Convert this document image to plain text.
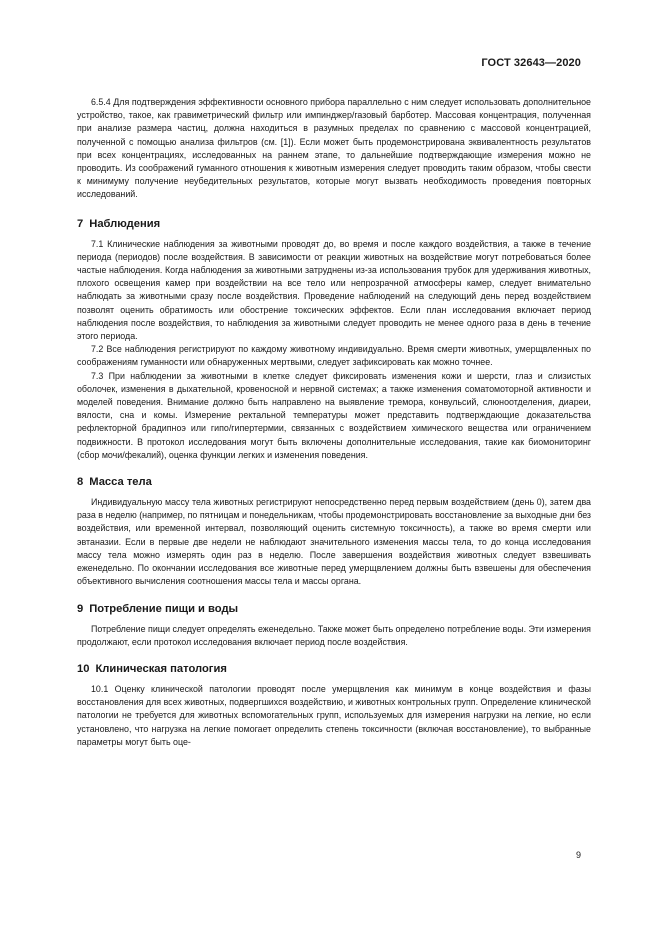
ГОСТ 32643—2020

6.5.4 Для подтверждения эффективности основного прибора параллельно с ним следует использовать дополнительное устройство, такое, как гравиметрический фильтр или импинджер/газовый барботер. Массовая концентрация, полученная при анализе размера частиц, должна находиться в разумных пределах по сравнению с массовой концентрацией, полученной с помощью анализа фильтров (см. [1]). Если может быть продемонстрирована эквивалентность результатов при всех концентрациях, исследованных на раннем этапе, то дальнейшие подтверждающие измерения можно не проводить. Из соображений гуманного отношения к животным измерения следует проводить таким образом, чтобы свести к минимуму получение неубедительных результатов, которые могут вызвать необходимость проведения повторных исследований.

7 Наблюдения

7.1 Клинические наблюдения за животными проводят до, во время и после каждого воздействия, а также в течение периода (периодов) после воздействия. В зависимости от реакции животных на воздействие могут потребоваться более частые наблюдения. Когда наблюдения за животными затруднены из-за использования трубок для удерживания животных, плохого освещения камер при воздействии на все тело или непрозрачной атмосферы камер, следует внимательно наблюдать за животными сразу после воздействия. Проведение наблюдений на следующий день перед воздействием позволят оценить обратимость или обострение токсических эффектов. Если план исследования включает период наблюдения после воздействия, то наблюдения за животными следует проводить не менее одного раза в день в течение этого периода.

7.2 Все наблюдения регистрируют по каждому животному индивидуально. Время смерти животных, умерщвленных по соображениям гуманности или обнаруженных мертвыми, следует зафиксировать как можно точнее.

7.3 При наблюдении за животными в клетке следует фиксировать изменения кожи и шерсти, глаз и слизистых оболочек, изменения в дыхательной, кровеносной и нервной системах; а также изменения соматомоторной активности и моделей поведения. Внимание должно быть направлено на выявление тремора, конвульсий, слюноотделения, диареи, вялости, сна и комы. Измерение ректальной температуры может представить подтверждающие доказательства рефлекторной брадипноэ или гипо/гипертермии, связанных с воздействием химического вещества или ограничением подвижности. В протокол исследования могут быть включены дополнительные исследования, такие как биомониторинг (сбор мочи/фекалий), оценка функции легких и изменения поведения.

8 Масса тела

Индивидуальную массу тела животных регистрируют непосредственно перед первым воздействием (день 0), затем два раза в неделю (например, по пятницам и понедельникам, чтобы продемонстрировать восстановление за выходные дни без воздействия, или временной интервал, позволяющий оценить системную токсичность), а также во время смерти или эвтаназии. Если в первые две недели не наблюдают значительного изменения массы тела, то до конца исследования массу тела можно измерять один раз в неделю. После завершения воздействия животных следует взвешивать еженедельно. По окончании исследования все животные перед умерщвлением должны быть взвешены для обеспечения объективного вычисления соотношения массы тела и массы органа.

9 Потребление пищи и воды

Потребление пищи следует определять еженедельно. Также может быть определено потребление воды. Эти измерения продолжают, если протокол исследования включает период после воздействия.

10 Клиническая патология

10.1 Оценку клинической патологии проводят после умерщвления как минимум в конце воздействия и фазы восстановления для всех животных, подвергшихся воздействию, и животных контрольных групп. Определение клинической патологии не требуется для животных вспомогательных групп, используемых для измерения нагрузки на легкие, но если установлено, что нагрузка на легкие помогает определить степень токсичности (включая восстановление), то выбранные параметры могут быть оце-

9
